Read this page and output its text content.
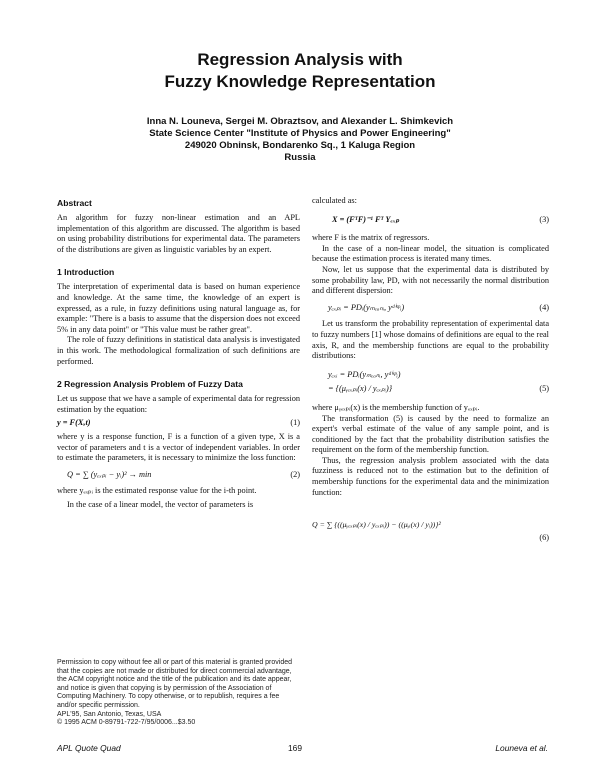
Regression Analysis with
Fuzzy Knowledge Representation
Inna N. Louneva, Sergei M. Obraztsov, and Alexander L. Shimkevich
State Science Center "Institute of Physics and Power Engineering"
249020 Obninsk, Bondarenko Sq., 1 Kaluga Region
Russia
Abstract

An algorithm for fuzzy non-linear estimation and an APL implementation of this algorithm are discussed. The algorithm is based on using probability distributions for experimental data. The parameters of the distributions are given as linguistic variables by an expert.

1 Introduction

The interpretation of experimental data is based on human experience and knowledge. At the same time, the knowledge of an expert is expressed, as a rule, in fuzzy definitions using natural language as, for example: "There is a basis to assume that the dispersion does not exceed 5% in any data point" or "This value must be rather great".

The role of fuzzy definitions in statistical data analysis is investigated in this work. The methodological formalization of such definitions are performed.

2 Regression Analysis Problem of Fuzzy Data

Let us suppose that we have a sample of experimental data for regression estimation by the equation:

y = F(X,t)	(1)

where y is a response function, F is a function of a given type, X is a vector of parameters and t is a vector of independent variables. In order to estimate the parameters, it is necessary to minimize the loss function:

Q = ∑ (yₑₓₚᵢ − yᵢ)² → min	(2)

where yₑₓₚᵢ is the estimated response value for the i-th point.

In the case of a linear model, the vector of parameters is

Permission to copy without fee all or part of this material is granted provided that the copies are not made or distributed for direct commercial advantage, the ACM copyright notice and the title of the publication and its date appear, and notice is given that copying is by permission of the Association of Computing Machinery. To copy otherwise, or to republish, requires a fee and/or specific permission.
APL'95, San Antonio, Texas, USA
© 1995 ACM 0-89791-722-7/95/0006...$3.50

calculated as:

X = (FᵀF)⁻¹ Fᵀ Yₑₓₚ	(3)

where F is the matrix of regressors.

In the case of a non-linear model, the situation is complicated because the estimation process is iterated many times.

Now, let us suppose that the experimental data is distributed by some probability law, PD, with not necessarily the normal distribution and different dispersion:

yₑₓₚᵢ = PDᵢ(yₘₑₐₙᵢ, yᵈⁱˢᵖᵢ)	(4)

Let us transform the probability representation of experimental data to fuzzy numbers [1] whose domains of definitions are equal to the real axis, R, and the membership functions are equal to the probability distributions:

yₑₓᵢ = PDᵢ(yₘₑₐₙᵢ, yᵈⁱˢᵖᵢ)
= {(μᵧₑₓₚᵢ(x) / yₑₓₚᵢ)}	(5)

where μᵧₑₓₚᵢ(x) is the membership function of yₑₓₚᵢ.

The transformation (5) is caused by the need to formalize an expert's verbal estimate of the value of any sample point, and is conditioned by the fact that the probability distribution satisfies the requirement on the form of the membership function.

Thus, the regression analysis problem associated with the data fuzziness is reduced not to the estimation but to the definition of membership functions for the experimental data and the minimization function:

Q = ∑ {((μᵧₑₓₚᵢ(x) / yₑₓₚᵢ)) − ((μᵧᵢ(x) / yᵢ))}²
(6)
APL Quote Quad	169	Louneva et al.
